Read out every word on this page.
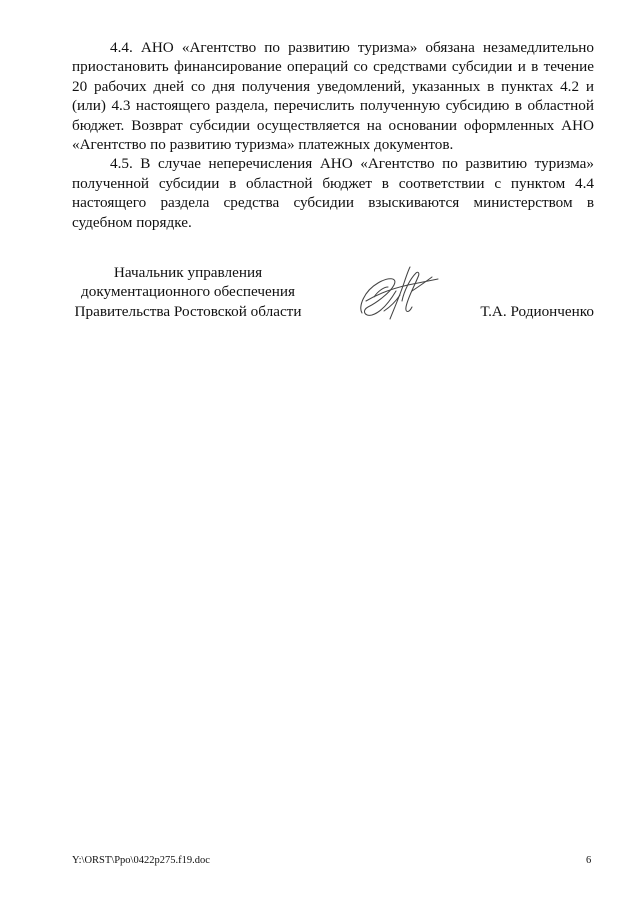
4.4. АНО «Агентство по развитию туризма» обязана незамедлительно приостановить финансирование операций со средствами субсидии и в течение 20 рабочих дней со дня получения уведомлений, указанных в пунктах 4.2 и (или) 4.3 настоящего раздела, перечислить полученную субсидию в областной бюджет. Возврат субсидии осуществляется на основании оформленных АНО «Агентство по развитию туризма» платежных документов.

4.5. В случае неперечисления АНО «Агентство по развитию туризма» полученной субсидии в областной бюджет в соответствии с пунктом 4.4 настоящего раздела средства субсидии взыскиваются министерством в судебном порядке.

Начальник управления
документационного обеспечения
Правительства Ростовской области	Т.А. Родионченко
Y:\ORST\Ppo\0422p275.f19.doc	6
